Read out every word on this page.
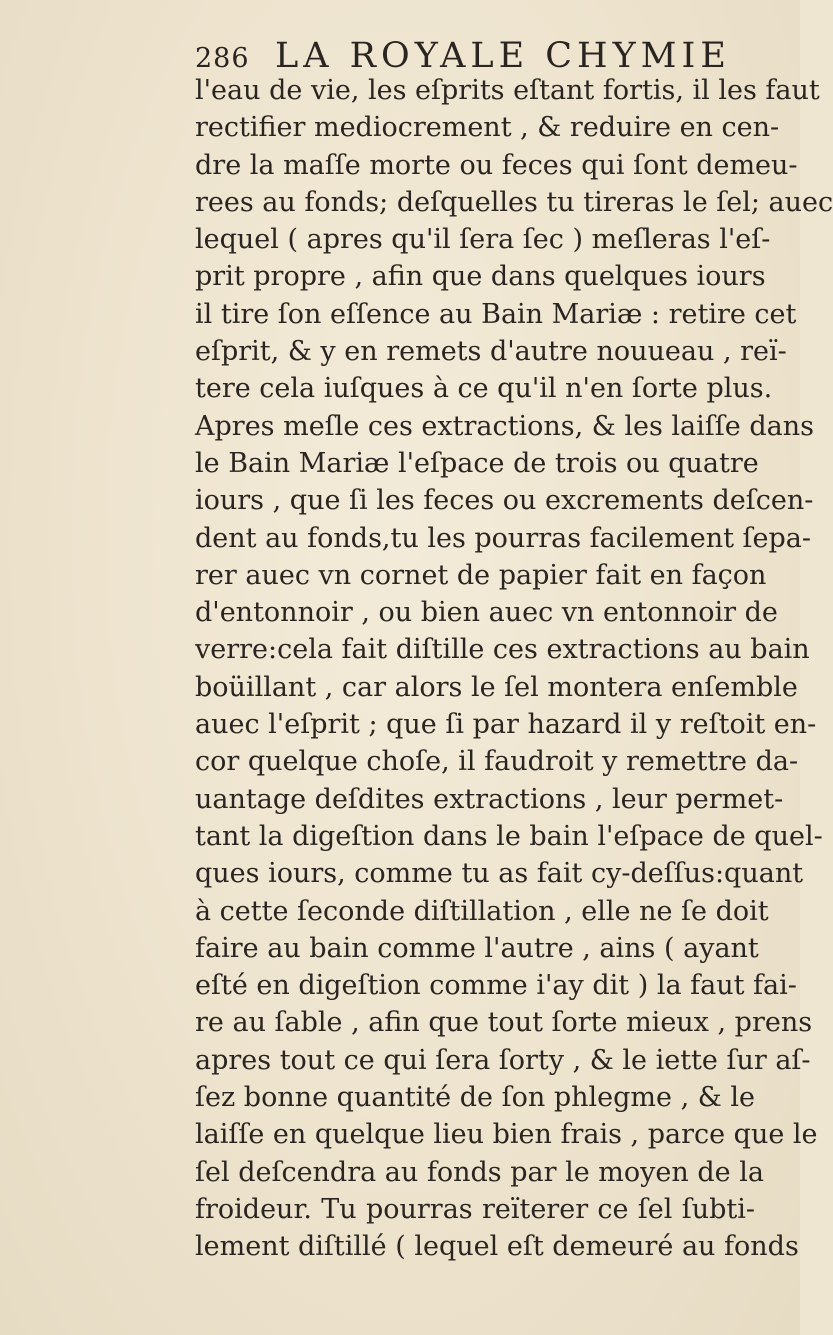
286 LA ROYALE CHYMIE
l'eau de vie, les eſprits eſtant fortis, il les faut
rectifier mediocrement , & reduire en cen-
dre la maſſe morte ou feces qui ſont demeu-
rees au fonds; deſquelles tu tireras le ſel; auec
lequel ( apres qu'il ſera ſec ) meſleras l'eſ-
prit propre , afin que dans quelques iours
il tire ſon eſſence au Bain Mariæ : retire cet
eſprit, & y en remets d'autre nouueau , reï-
tere cela iuſques à ce qu'il n'en ſorte plus.
Apres meſle ces extractions, & les laiſſe dans
le Bain Mariæ l'eſpace de trois ou quatre
iours , que ſi les feces ou excrements deſcen-
dent au fonds,tu les pourras facilement ſepa-
rer auec vn cornet de papier fait en façon
d'entonnoir , ou bien auec vn entonnoir de
verre:cela fait diſtille ces extractions au bain
boüillant , car alors le ſel montera enſemble
auec l'eſprit ; que ſi par hazard il y reſtoit en-
cor quelque choſe, il faudroit y remettre da-
uantage deſdites extractions , leur permet-
tant la digeſtion dans le bain l'eſpace de quel-
ques iours, comme tu as fait cy-deſſus:quant
à cette ſeconde diſtillation , elle ne ſe doit
faire au bain comme l'autre , ains ( ayant
eſté en digeſtion comme i'ay dit ) la faut fai-
re au ſable , afin que tout ſorte mieux , prens
apres tout ce qui ſera ſorty , & le iette ſur aſ-
ſez bonne quantité de ſon phlegme , & le
laiſſe en quelque lieu bien frais , parce que le
ſel deſcendra au fonds par le moyen de la
froideur. Tu pourras reïterer ce ſel ſubti-
lement diſtillé ( lequel eſt demeuré au fonds
